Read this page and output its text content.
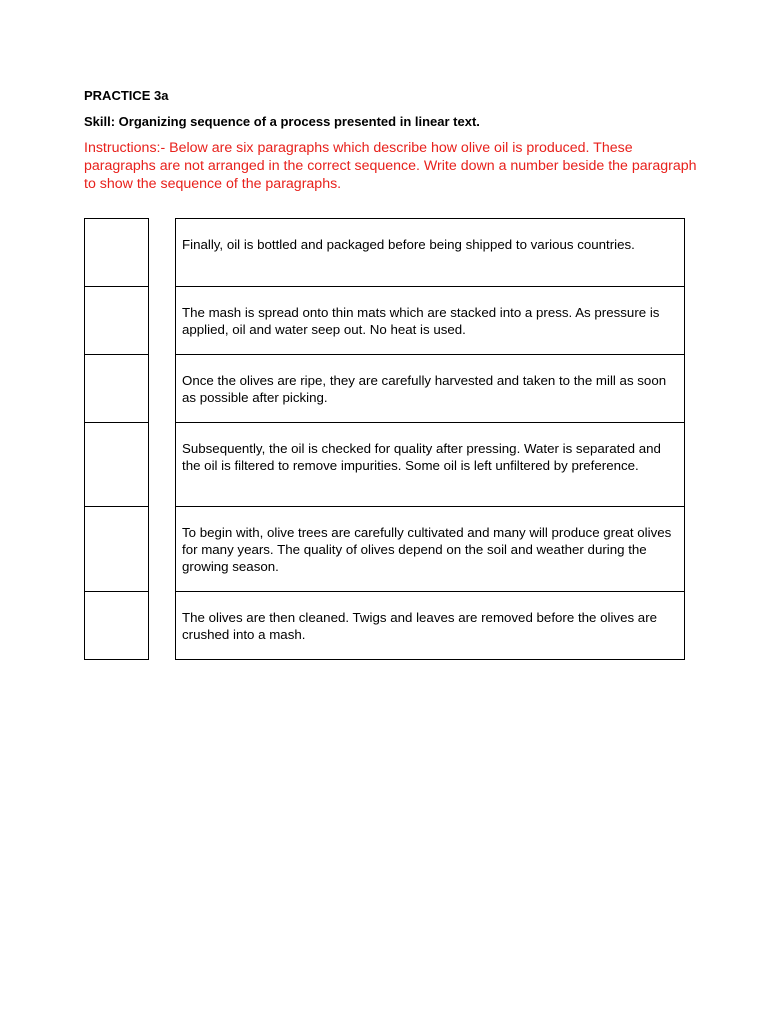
PRACTICE 3a
Skill: Organizing sequence of a process presented in linear text.
Instructions:- Below are six paragraphs which describe how olive oil is produced. These paragraphs are not arranged in the correct sequence. Write down a number beside the paragraph to show the sequence of the paragraphs.
Finally, oil is bottled and packaged before being shipped to various countries.
The mash is spread onto thin mats which are stacked into a press. As pressure is applied, oil and water seep out. No heat is used.
Once the olives are ripe, they are carefully harvested and taken to the mill as soon as possible after picking.
Subsequently, the oil is checked for quality after pressing. Water is separated and the oil is filtered to remove impurities. Some oil is left unfiltered by preference.
To begin with, olive trees are carefully cultivated and many will produce great olives for many years. The quality of olives depend on the soil and weather during the growing season.
The olives are then cleaned. Twigs and leaves are removed before the olives are crushed into a mash.
